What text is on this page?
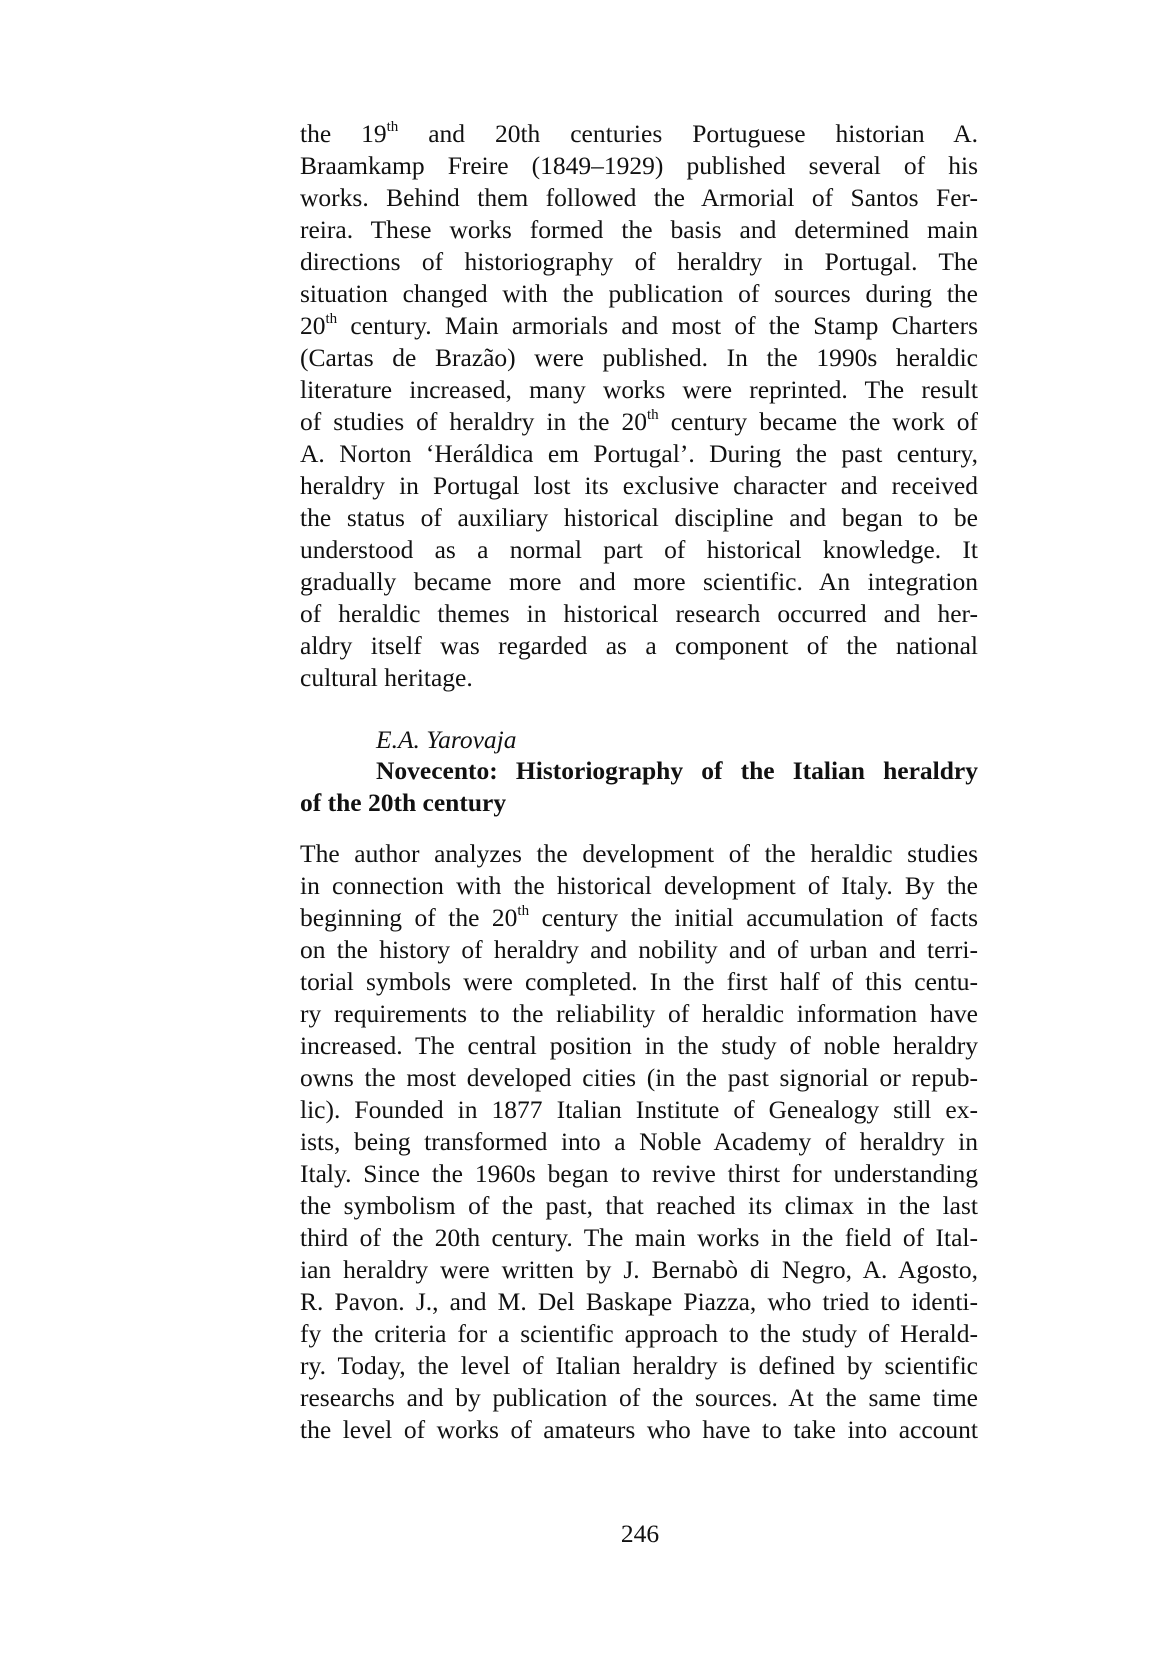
the 19th and 20th centuries Portuguese historian A.
Braamkamp Freire (1849–1929) published several of his
works. Behind them followed the Armorial of Santos Fer-
reira. These works formed the basis and determined main
directions of historiography of heraldry in Portugal. The
situation changed with the publication of sources during the
20th century. Main armorials and most of the Stamp Charters
(Cartas de Brazão) were published. In the 1990s heraldic
literature increased, many works were reprinted. The result
of studies of heraldry in the 20th century became the work of
A. Norton ‘Heráldica em Portugal’. During the past century,
heraldry in Portugal lost its exclusive character and received
the status of auxiliary historical discipline and began to be
understood as a normal part of historical knowledge. It
gradually became more and more scientific. An integration
of heraldic themes in historical research occurred and her-
aldry itself was regarded as a component of the national
cultural heritage.
E.A. Yarovaja
Novecento: Historiography of the Italian heraldry
of the 20th century
The author analyzes the development of the heraldic studies
in connection with the historical development of Italy. By the
beginning of the 20th century the initial accumulation of facts
on the history of heraldry and nobility and of urban and terri-
torial symbols were completed. In the first half of this centu-
ry requirements to the reliability of heraldic information have
increased. The central position in the study of noble heraldry
owns the most developed cities (in the past signorial or repub-
lic). Founded in 1877 Italian Institute of Genealogy still ex-
ists, being transformed into a Noble Academy of heraldry in
Italy. Since the 1960s began to revive thirst for understanding
the symbolism of the past, that reached its climax in the last
third of the 20th century. The main works in the field of Ital-
ian heraldry were written by J. Bernabò di Negro, A. Agosto,
R. Pavon. J., and M. Del Baskape Piazza, who tried to identi-
fy the criteria for a scientific approach to the study of Herald-
ry. Today, the level of Italian heraldry is defined by scientific
researchs and by publication of the sources. At the same time
the level of works of amateurs who have to take into account
246
